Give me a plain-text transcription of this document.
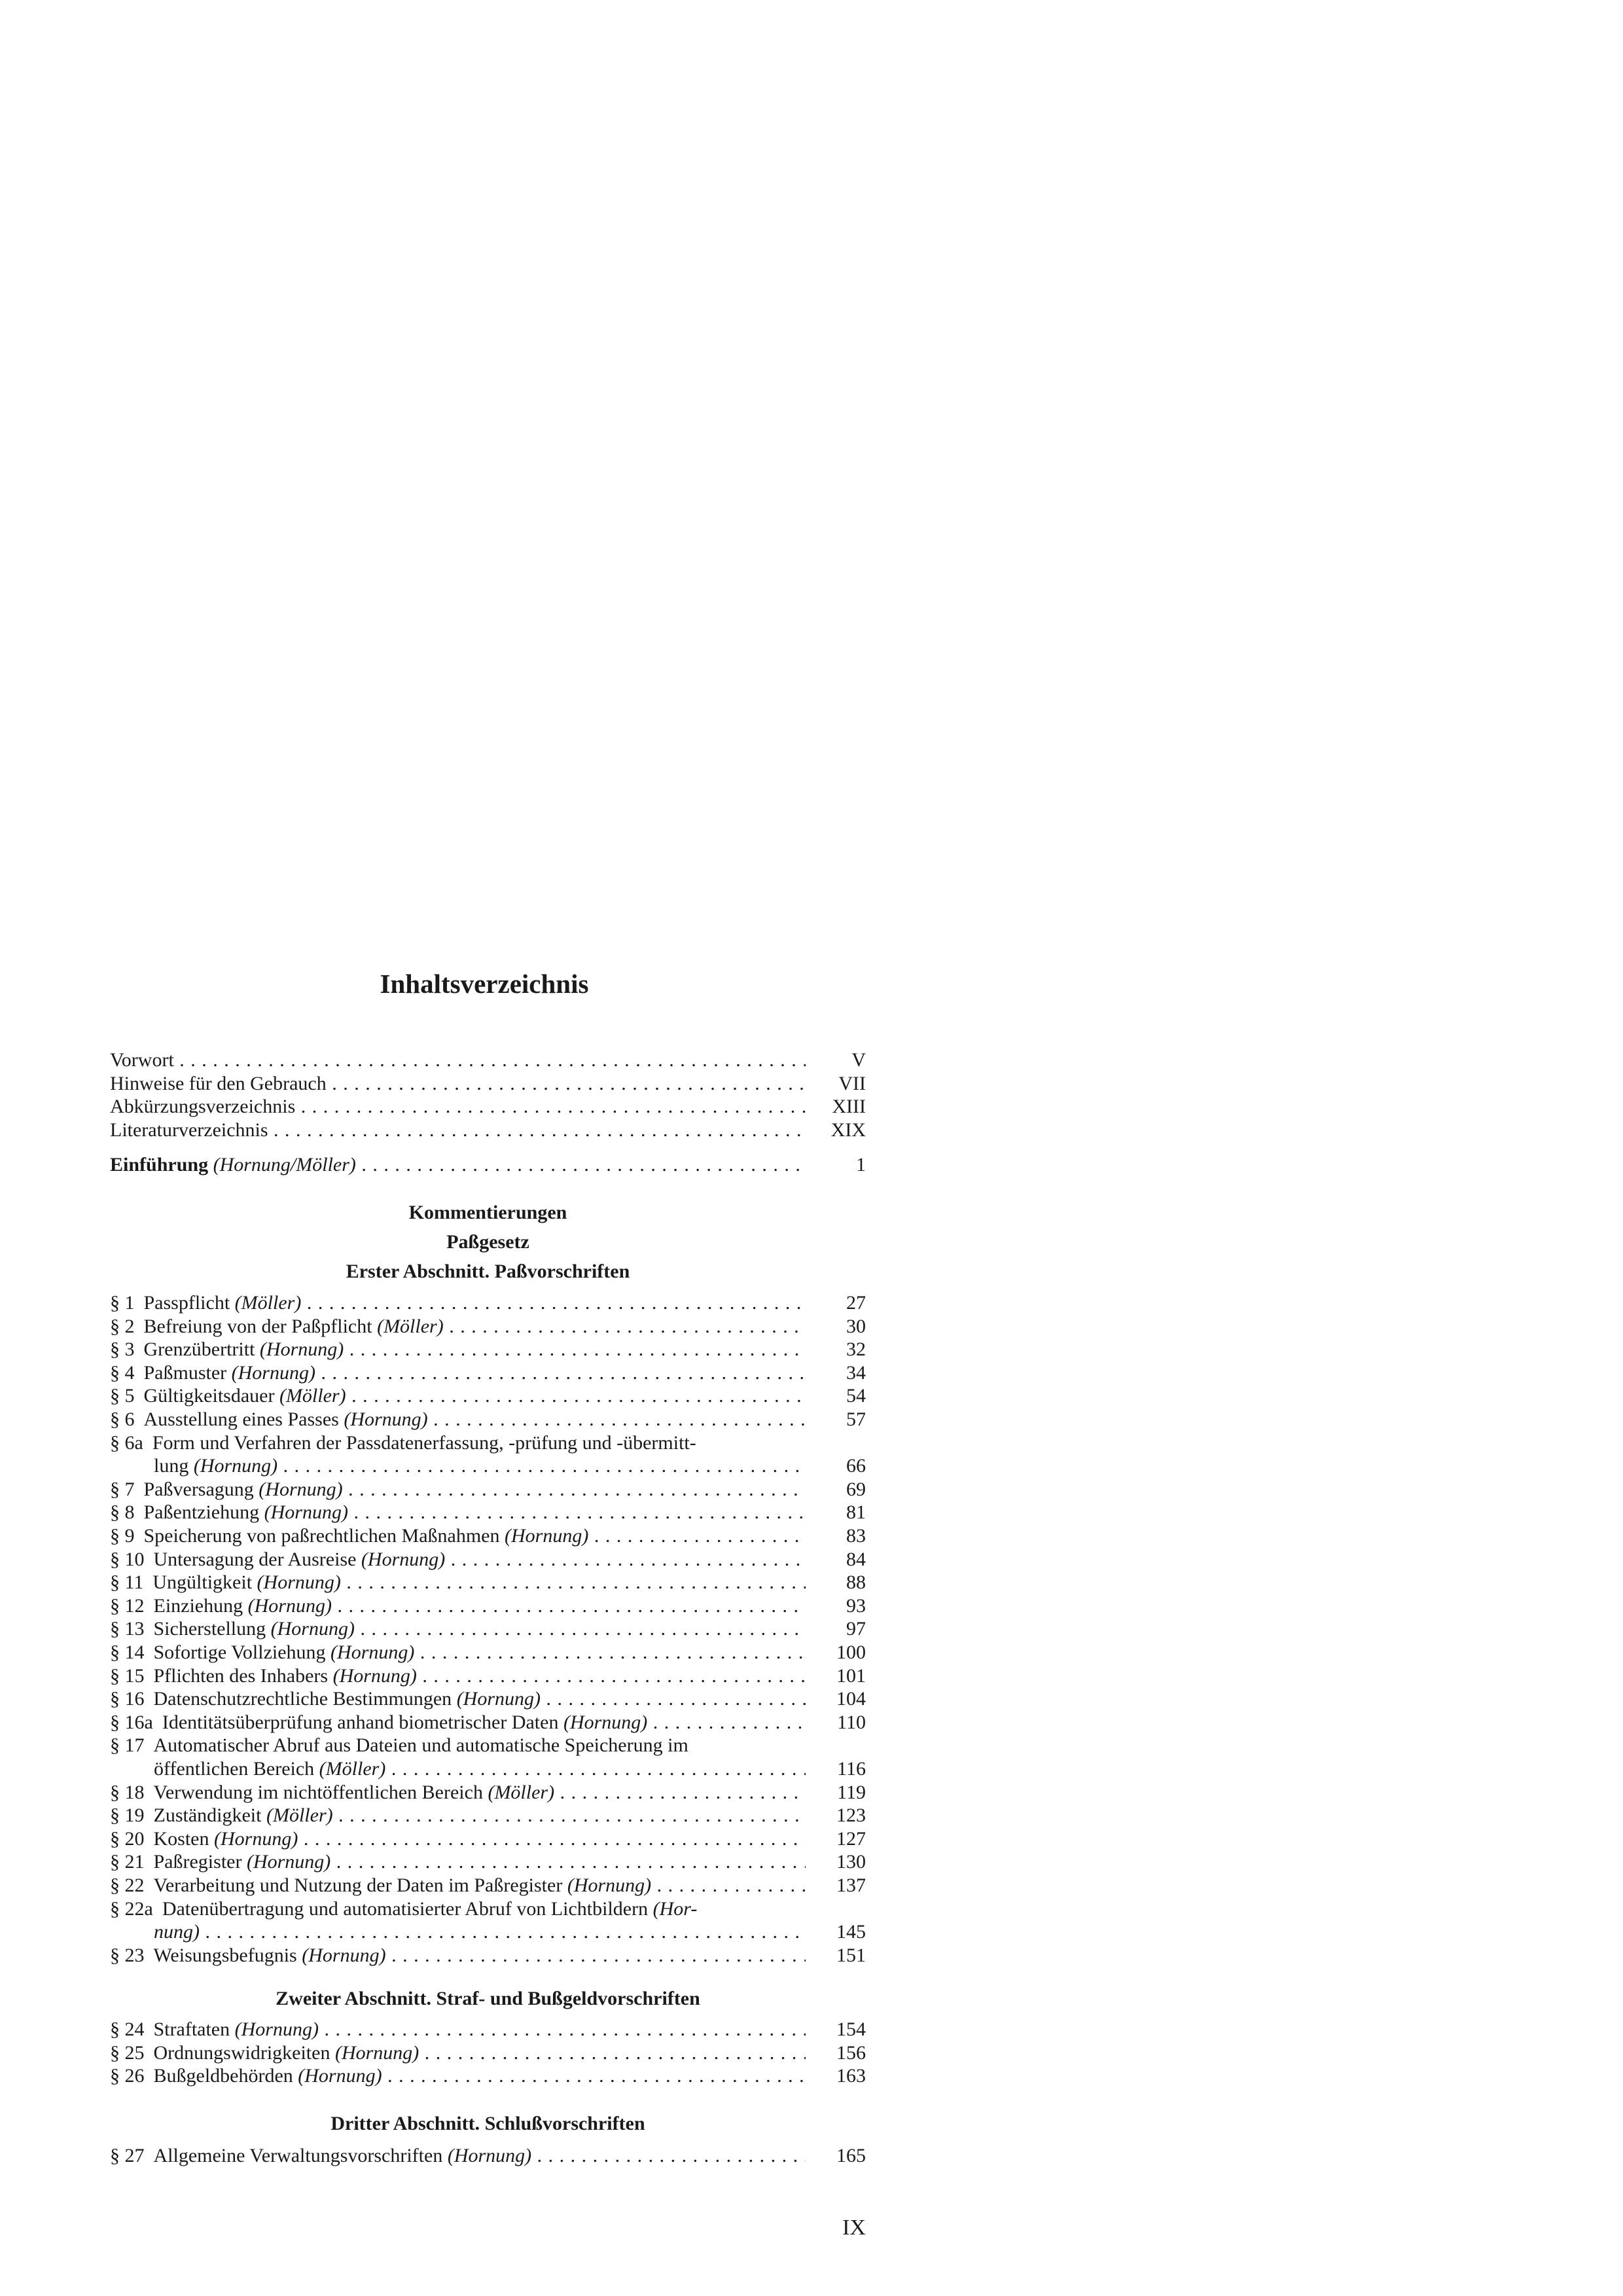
Inhaltsverzeichnis
Vorwort . . .	V
Hinweise für den Gebrauch . . .	VII
Abkürzungsverzeichnis . . .	XIII
Literaturverzeichnis . . .	XIX
Einführung (Hornung/Möller) . . .	1
Kommentierungen
Paßgesetz
Erster Abschnitt. Paßvorschriften
§ 1 Passpflicht (Möller) . . .	27
§ 2 Befreiung von der Paßpflicht (Möller) . . .	30
§ 3 Grenzübertritt (Hornung) . . .	32
§ 4 Paßmuster (Hornung) . . .	34
§ 5 Gültigkeitsdauer (Möller) . . .	54
§ 6 Ausstellung eines Passes (Hornung) . . .	57
§ 6a Form und Verfahren der Passdatenerfassung, -prüfung und -übermitt-
lung (Hornung) . . .	66
§ 7 Paßversagung (Hornung) . . .	69
§ 8 Paßentziehung (Hornung) . . .	81
§ 9 Speicherung von paßrechtlichen Maßnahmen (Hornung) . . .	83
§ 10 Untersagung der Ausreise (Hornung) . . .	84
§ 11 Ungültigkeit (Hornung) . . .	88
§ 12 Einziehung (Hornung) . . .	93
§ 13 Sicherstellung (Hornung) . . .	97
§ 14 Sofortige Vollziehung (Hornung) . . .	100
§ 15 Pflichten des Inhabers (Hornung) . . .	101
§ 16 Datenschutzrechtliche Bestimmungen (Hornung) . . .	104
§ 16a Identitätsüberprüfung anhand biometrischer Daten (Hornung) . . .	110
§ 17 Automatischer Abruf aus Dateien und automatische Speicherung im
öffentlichen Bereich (Möller) . . .	116
§ 18 Verwendung im nichtöffentlichen Bereich (Möller) . . .	119
§ 19 Zuständigkeit (Möller) . . .	123
§ 20 Kosten (Hornung) . . .	127
§ 21 Paßregister (Hornung) . . .	130
§ 22 Verarbeitung und Nutzung der Daten im Paßregister (Hornung) . . .	137
§ 22a Datenübertragung und automatisierter Abruf von Lichtbildern (Hor-
nung) . . .	145
§ 23 Weisungsbefugnis (Hornung) . . .	151
Zweiter Abschnitt. Straf- und Bußgeldvorschriften
§ 24 Straftaten (Hornung) . . .	154
§ 25 Ordnungswidrigkeiten (Hornung) . . .	156
§ 26 Bußgeldbehörden (Hornung) . . .	163
Dritter Abschnitt. Schlußvorschriften
§ 27 Allgemeine Verwaltungsvorschriften (Hornung) . . .	165
IX
